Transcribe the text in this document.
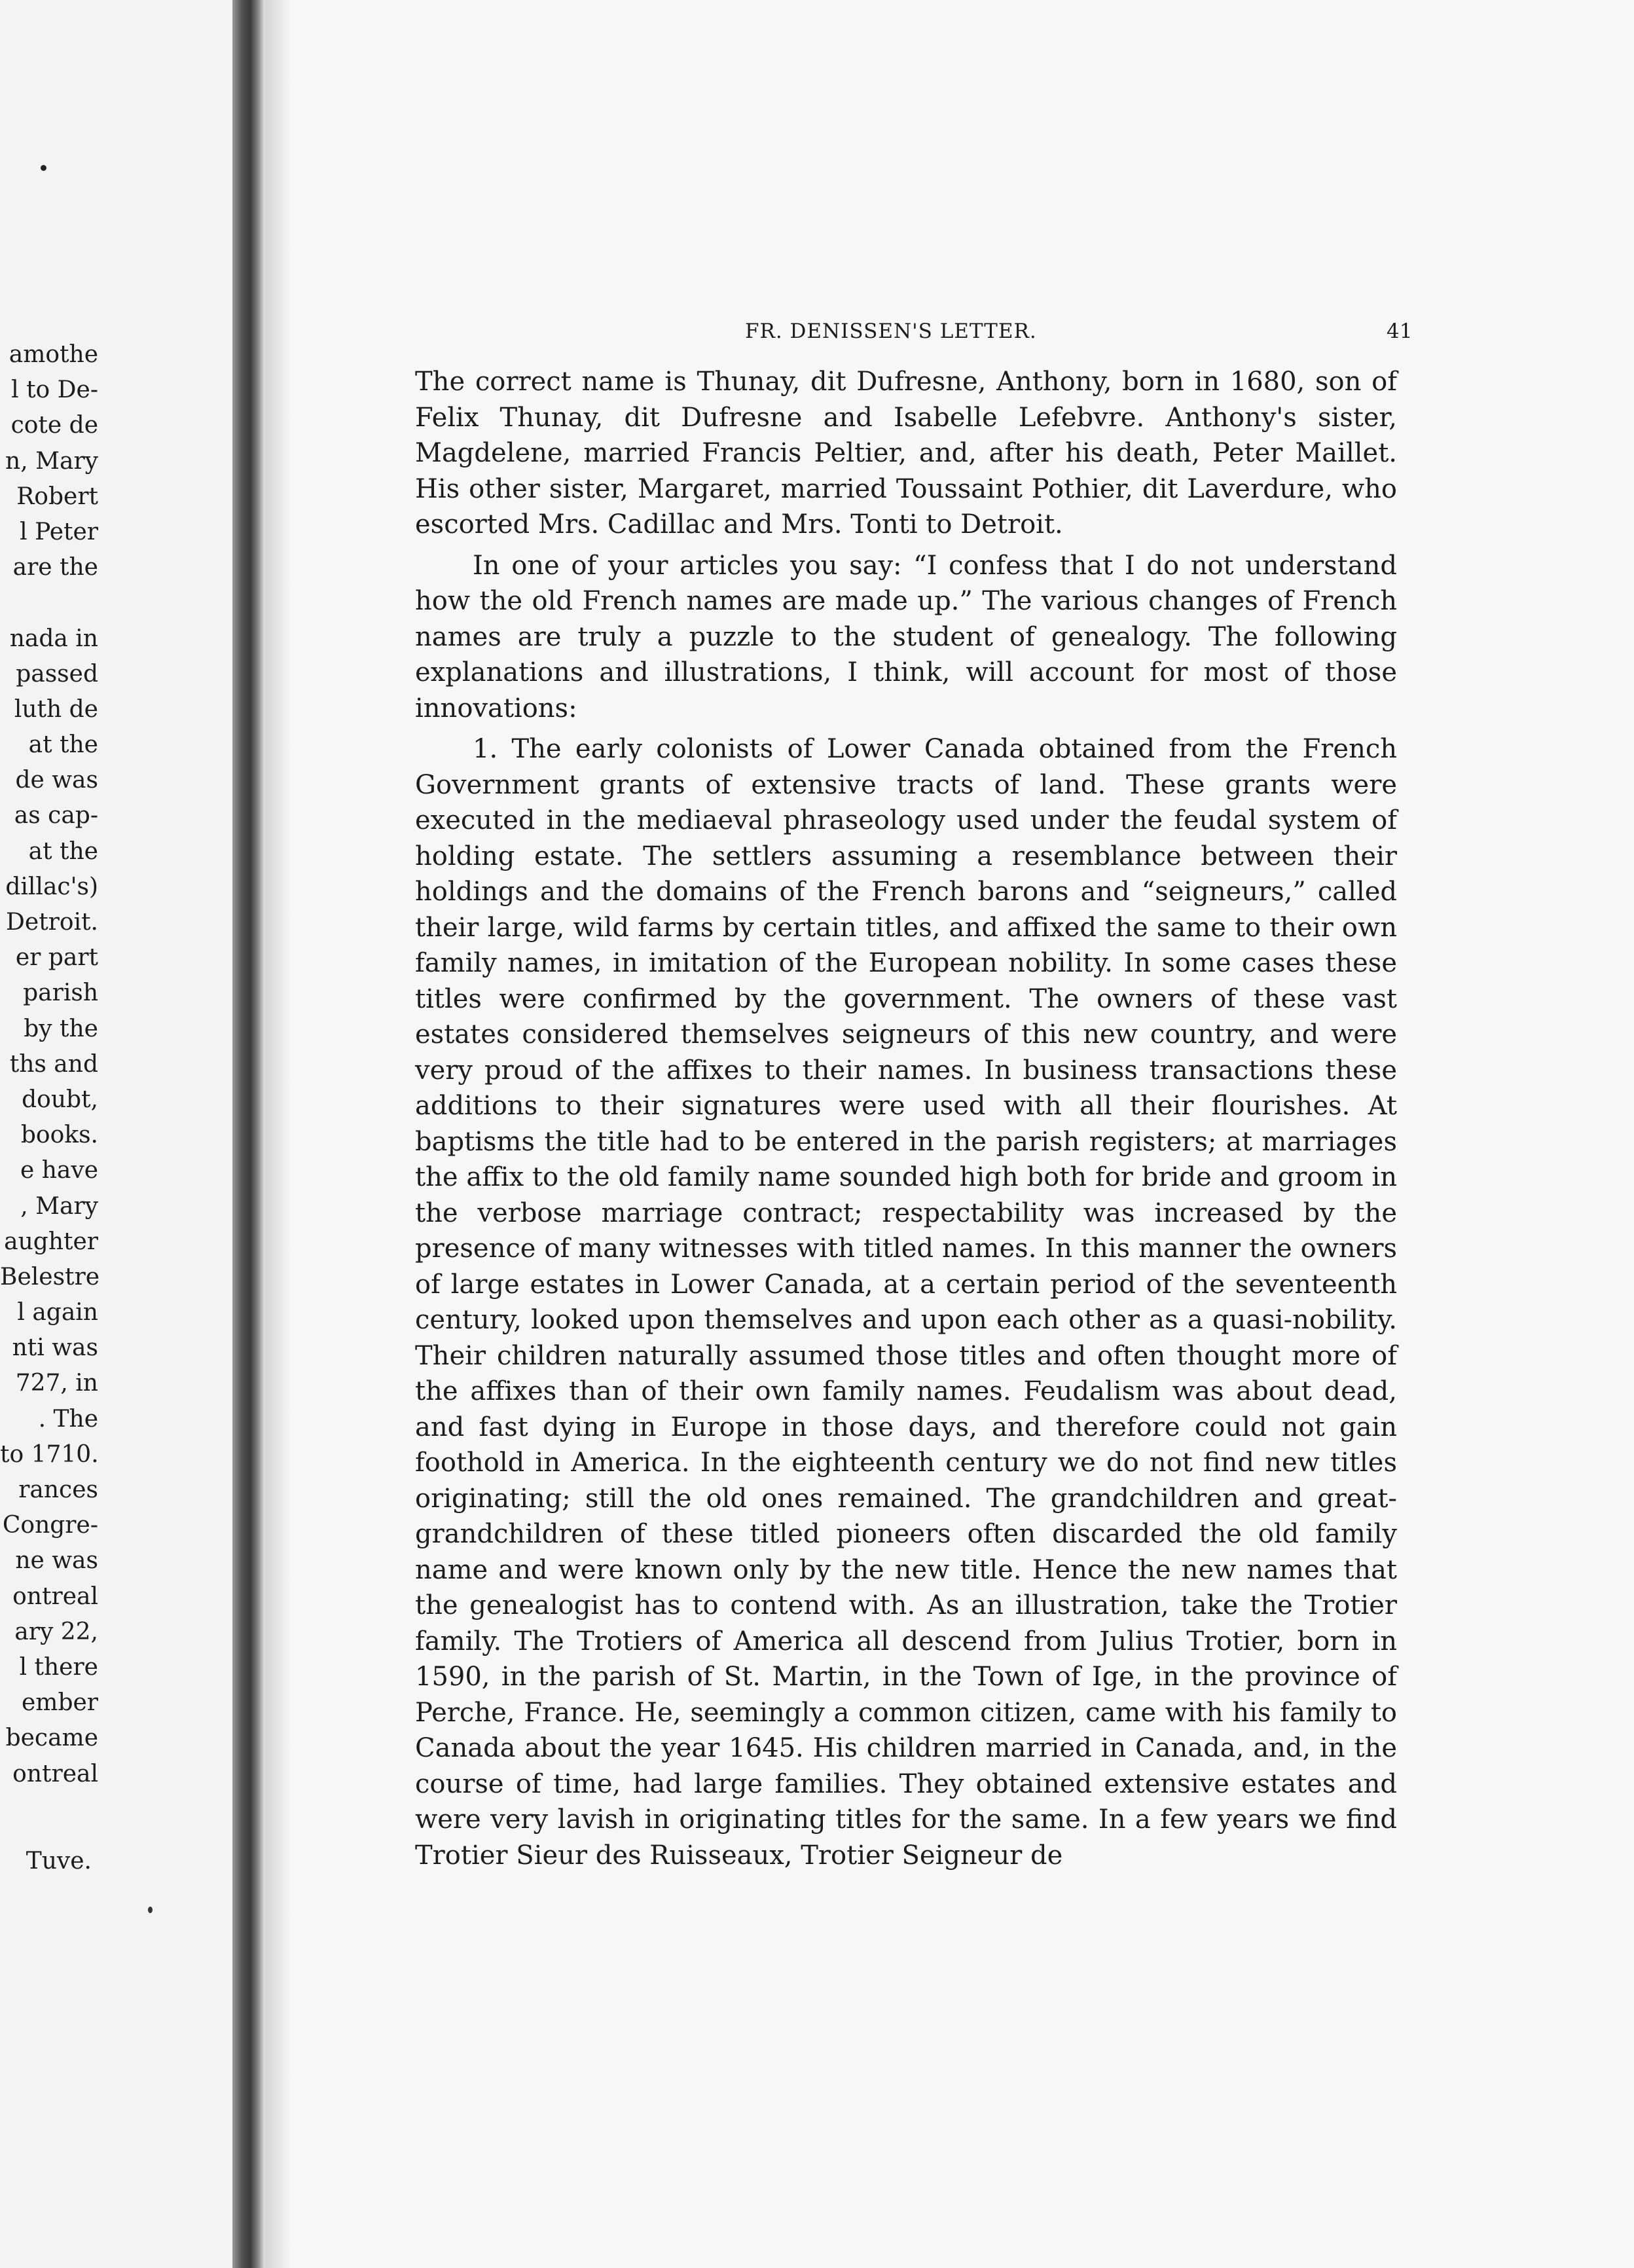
amothe
l to De-
cote de
n, Mary
Robert
l Peter
are the
nada in
passed
luth de
at the
de was
as cap-
at the
dillac's)
Detroit.
er part
parish
by the
ths and
doubt,
books.
e have
, Mary
aughter
Belestre
l again
nti was
727, in
. The
to 1710.
rances
Congre-
ne was
ontreal
ary 22,
l there
ember
became
ontreal
Tuve.
FR. DENISSEN'S LETTER.	41

The correct name is Thunay, dit Dufresne, Anthony, born in 1680, son of Felix Thunay, dit Dufresne and Isabelle Lefebvre. Anthony's sister, Magdelene, married Francis Peltier, and, after his death, Peter Maillet. His other sister, Margaret, married Toussaint Pothier, dit Laverdure, who escorted Mrs. Cadillac and Mrs. Tonti to Detroit.

In one of your articles you say: “I confess that I do not understand how the old French names are made up.” The various changes of French names are truly a puzzle to the student of genealogy. The following explanations and illustrations, I think, will account for most of those innovations:

1. The early colonists of Lower Canada obtained from the French Government grants of extensive tracts of land. These grants were executed in the mediaeval phraseology used under the feudal system of holding estate. The settlers assuming a resemblance between their holdings and the domains of the French barons and “seigneurs,” called their large, wild farms by certain titles, and affixed the same to their own family names, in imitation of the European nobility. In some cases these titles were confirmed by the government. The owners of these vast estates considered themselves seigneurs of this new country, and were very proud of the affixes to their names. In business transactions these additions to their signatures were used with all their flourishes. At baptisms the title had to be entered in the parish registers; at marriages the affix to the old family name sounded high both for bride and groom in the verbose marriage contract; respectability was increased by the presence of many witnesses with titled names. In this manner the owners of large estates in Lower Canada, at a certain period of the seventeenth century, looked upon themselves and upon each other as a quasi-nobility. Their children naturally assumed those titles and often thought more of the affixes than of their own family names. Feudalism was about dead, and fast dying in Europe in those days, and therefore could not gain foothold in America. In the eighteenth century we do not find new titles originating; still the old ones remained. The grandchildren and great-grandchildren of these titled pioneers often discarded the old family name and were known only by the new title. Hence the new names that the genealogist has to contend with. As an illustration, take the Trotier family. The Trotiers of America all descend from Julius Trotier, born in 1590, in the parish of St. Martin, in the Town of Ige, in the province of Perche, France. He, seemingly a common citizen, came with his family to Canada about the year 1645. His children married in Canada, and, in the course of time, had large families. They obtained extensive estates and were very lavish in originating titles for the same. In a few years we find Trotier Sieur des Ruisseaux, Trotier Seigneur de
